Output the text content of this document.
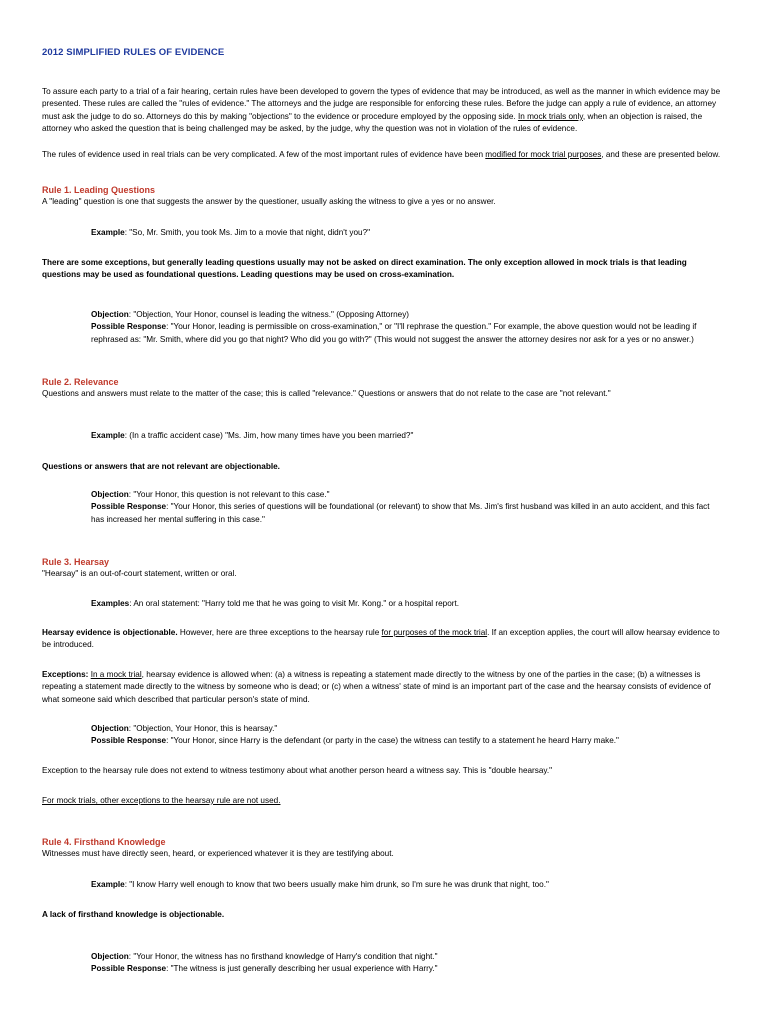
2012 SIMPLIFIED RULES OF EVIDENCE
To assure each party to a trial of a fair hearing, certain rules have been developed to govern the types of evidence that may be introduced, as well as the manner in which evidence may be presented. These rules are called the "rules of evidence." The attorneys and the judge are responsible for enforcing these rules. Before the judge can apply a rule of evidence, an attorney must ask the judge to do so. Attorneys do this by making "objections" to the evidence or procedure employed by the opposing side. In mock trials only, when an objection is raised, the attorney who asked the question that is being challenged may be asked, by the judge, why the question was not in violation of the rules of evidence.
The rules of evidence used in real trials can be very complicated. A few of the most important rules of evidence have been modified for mock trial purposes, and these are presented below.

Rule 1. Leading Questions

A "leading" question is one that suggests the answer by the questioner, usually asking the witness to give a yes or no answer.

Example: "So, Mr. Smith, you took Ms. Jim to a movie that night, didn't you?"
There are some exceptions, but generally leading questions usually may not be asked on direct examination. The only exception allowed in mock trials is that leading questions may be used as foundational questions. Leading questions may be used on cross-examination.

Objection: "Objection, Your Honor, counsel is leading the witness." (Opposing Attorney)

Possible Response: "Your Honor, leading is permissible on cross-examination," or "I'll rephrase the question." For example, the above question would not be leading if rephrased as: "Mr. Smith, where did you go that night? Who did you go with?" (This would not suggest the answer the attorney desires nor ask for a yes or no answer.)

Rule 2. Relevance

Questions and answers must relate to the matter of the case; this is called "relevance." Questions or answers that do not relate to the case are "not relevant."

Example: (In a traffic accident case) "Ms. Jim, how many times have you been married?"
Questions or answers that are not relevant are objectionable.

Objection: "Your Honor, this question is not relevant to this case."

Possible Response: "Your Honor, this series of questions will be foundational (or relevant) to show that Ms. Jim's first husband was killed in an auto accident, and this fact has increased her mental suffering in this case."

Rule 3. Hearsay

"Hearsay" is an out-of-court statement, written or oral.

Examples: An oral statement: "Harry told me that he was going to visit Mr. Kong." or a hospital report.
Hearsay evidence is objectionable. However, here are three exceptions to the hearsay rule for purposes of the mock trial. If an exception applies, the court will allow hearsay evidence to be introduced.
Exceptions: In a mock trial, hearsay evidence is allowed when: (a) a witness is repeating a statement made directly to the witness by one of the parties in the case; (b) a witnesses is repeating a statement made directly to the witness by someone who is dead; or (c) when a witness' state of mind is an important part of the case and the hearsay consists of evidence of what someone said which described that particular person's state of mind.

Objection: "Objection, Your Honor, this is hearsay."

Possible Response: "Your Honor, since Harry is the defendant (or party in the case) the witness can testify to a statement he heard Harry make."

Exception to the hearsay rule does not extend to witness testimony about what another person heard a witness say. This is "double hearsay."
For mock trials, other exceptions to the hearsay rule are not used.

Rule 4. Firsthand Knowledge

Witnesses must have directly seen, heard, or experienced whatever it is they are testifying about.

Example: "I know Harry well enough to know that two beers usually make him drunk, so I'm sure he was drunk that night, too."
A lack of firsthand knowledge is objectionable.

Objection: "Your Honor, the witness has no firsthand knowledge of Harry's condition that night."

Possible Response: "The witness is just generally describing her usual experience with Harry."
